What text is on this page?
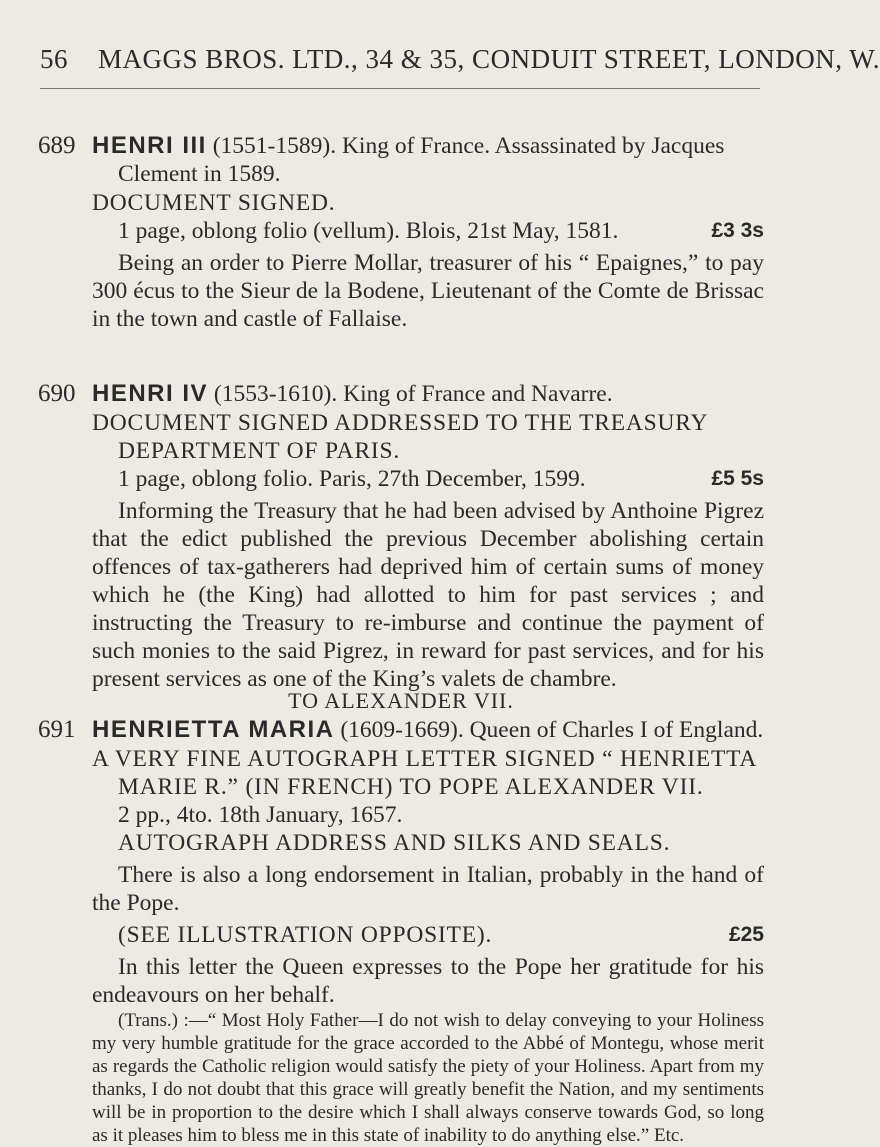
56 MAGGS BROS. LTD., 34 & 35, CONDUIT STREET, LONDON, W.
689 HENRI III (1551-1589). King of France. Assassinated by Jacques Clement in 1589.

DOCUMENT SIGNED.

1 page, oblong folio (vellum). Blois, 21st May, 1581.	£3 3s

Being an order to Pierre Mollar, treasurer of his “ Epaignes,” to pay 300 écus to the Sieur de la Bodene, Lieutenant of the Comte de Brissac in the town and castle of Fallaise.

690 HENRI IV (1553-1610). King of France and Navarre.

DOCUMENT SIGNED ADDRESSED TO THE TREASURY DEPARTMENT OF PARIS.

1 page, oblong folio. Paris, 27th December, 1599.	£5 5s

Informing the Treasury that he had been advised by Anthoine Pigrez that the edict published the previous December abolishing certain offences of tax-gatherers had deprived him of certain sums of money which he (the King) had allotted to him for past services ; and instructing the Treasury to re-imburse and continue the payment of such monies to the said Pigrez, in reward for past services, and for his present services as one of the King’s valets de chambre.

TO ALEXANDER VII.

691 HENRIETTA MARIA (1609-1669). Queen of Charles I of England.

A VERY FINE AUTOGRAPH LETTER SIGNED “ HENRIETTA MARIE R.” (IN FRENCH) TO POPE ALEXANDER VII.

2 pp., 4to. 18th January, 1657.

AUTOGRAPH ADDRESS AND SILKS AND SEALS.

There is also a long endorsement in Italian, probably in the hand of the Pope.

(SEE ILLUSTRATION OPPOSITE).	£25

In this letter the Queen expresses to the Pope her gratitude for his endeavours on her behalf.

(Trans.) :—“ Most Holy Father—I do not wish to delay conveying to your Holiness my very humble gratitude for the grace accorded to the Abbé of Montegu, whose merit as regards the Catholic religion would satisfy the piety of your Holiness. Apart from my thanks, I do not doubt that this grace will greatly benefit the Nation, and my sentiments will be in proportion to the desire which I shall always conserve towards God, so long as it pleases him to bless me in this state of inability to do anything else.” Etc.
